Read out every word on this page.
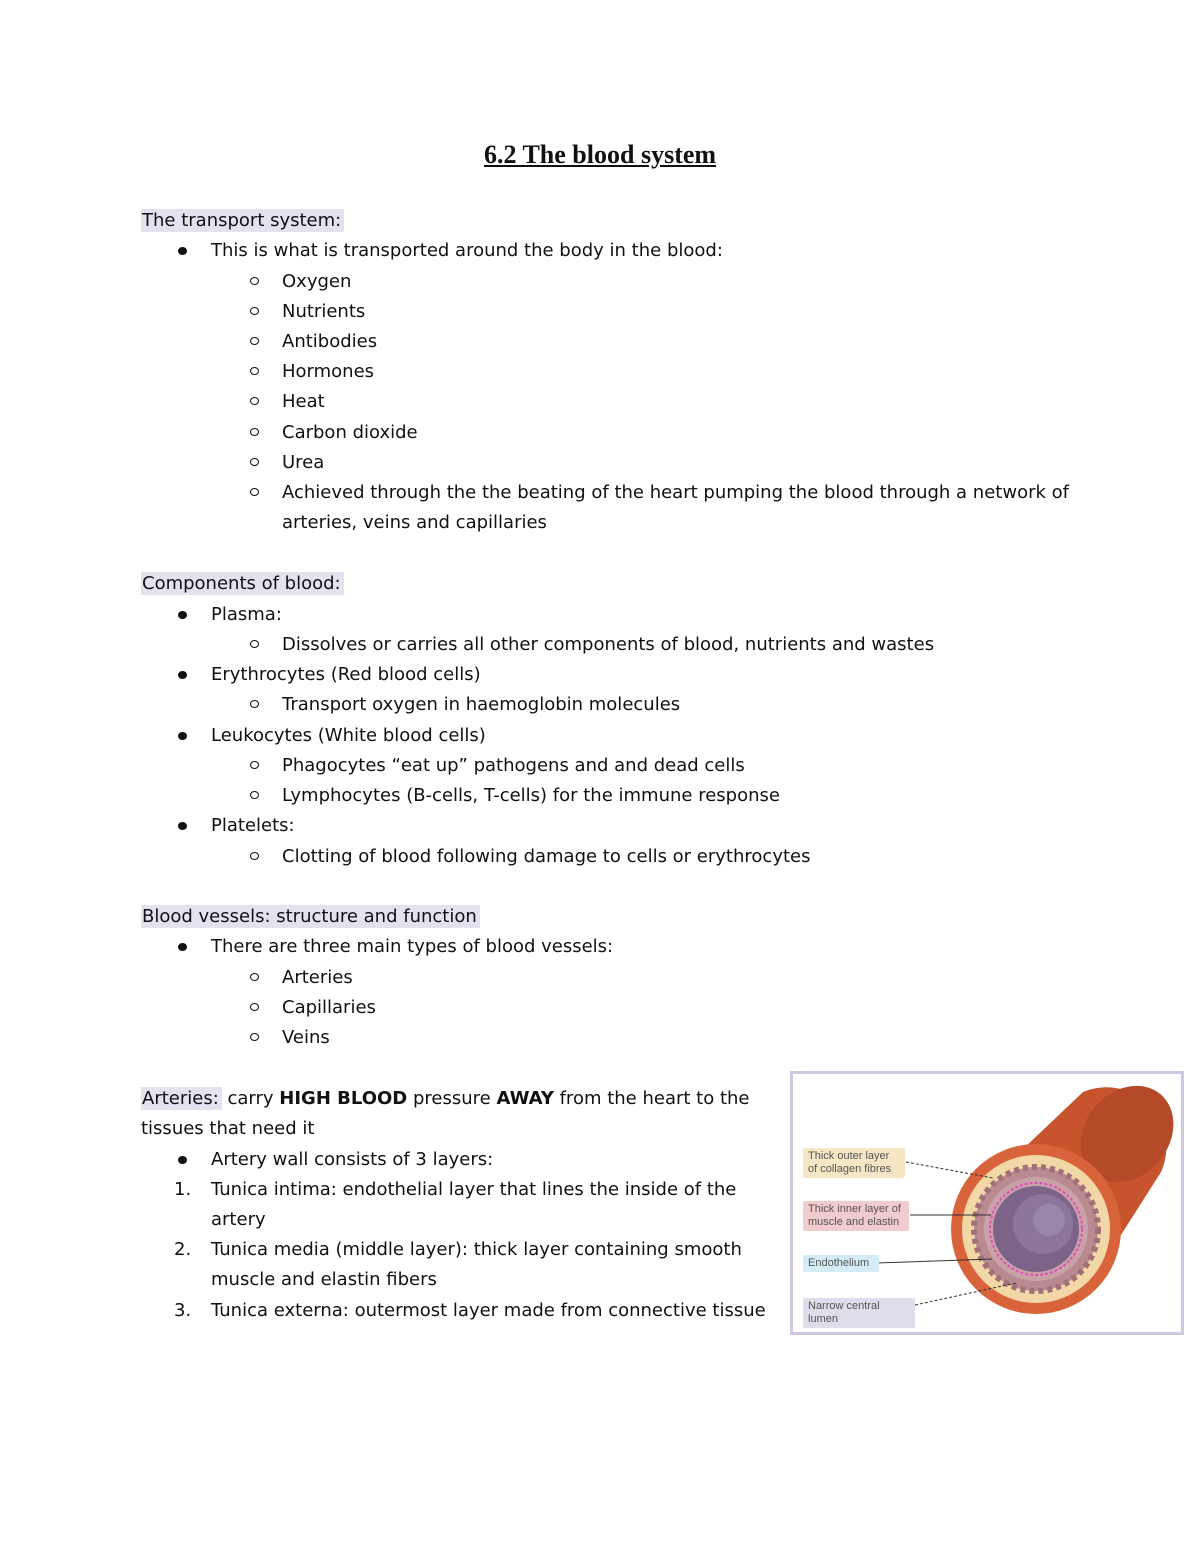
6.2 The blood system
The transport system:
This is what is transported around the body in the blood:
Oxygen
Nutrients
Antibodies
Hormones
Heat
Carbon dioxide
Urea
Achieved through the the beating of the heart pumping the blood through a network of
arteries, veins and capillaries
Components of blood:
Plasma:
Dissolves or carries all other components of blood, nutrients and wastes
Erythrocytes (Red blood cells)
Transport oxygen in haemoglobin molecules
Leukocytes (White blood cells)
Phagocytes “eat up” pathogens and and dead cells
Lymphocytes (B-cells, T-cells) for the immune response
Platelets:
Clotting of blood following damage to cells or erythrocytes
Blood vessels: structure and function
There are three main types of blood vessels:
Arteries
Capillaries
Veins
Arteries: carry HIGH BLOOD pressure AWAY from the heart to the
tissues that need it
Artery wall consists of 3 layers:
1. Tunica intima: endothelial layer that lines the inside of the
artery
2. Tunica media (middle layer): thick layer containing smooth
muscle and elastin fibers
3. Tunica externa: outermost layer made from connective tissue
Thick outer layer of collagen fibres
Thick inner layer of muscle and elastin
Endothelium
Narrow central lumen
